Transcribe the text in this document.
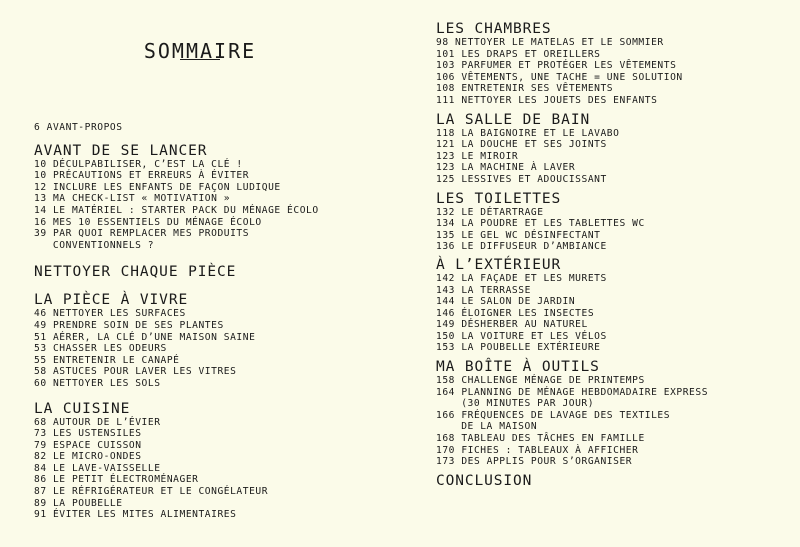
SOMMAIRE
6 AVANT-PROPOS
AVANT DE SE LANCER
10 DÉCULPABILISER, C’EST LA CLÉ !
10 PRÉCAUTIONS ET ERREURS À ÉVITER
12 INCLURE LES ENFANTS DE FAÇON LUDIQUE
13 MA CHECK-LIST « MOTIVATION »
14 LE MATÉRIEL : STARTER PACK DU MÉNAGE ÉCOLO
16 MES 10 ESSENTIELS DU MÉNAGE ÉCOLO
39 PAR QUOI REMPLACER MES PRODUITS
CONVENTIONNELS ?
NETTOYER CHAQUE PIÈCE
LA PIÈCE À VIVRE
46 NETTOYER LES SURFACES
49 PRENDRE SOIN DE SES PLANTES
51 AÉRER, LA CLÉ D’UNE MAISON SAINE
53 CHASSER LES ODEURS
55 ENTRETENIR LE CANAPÉ
58 ASTUCES POUR LAVER LES VITRES
60 NETTOYER LES SOLS
LA CUISINE
68 AUTOUR DE L’ÉVIER
73 LES USTENSILES
79 ESPACE CUISSON
82 LE MICRO-ONDES
84 LE LAVE-VAISSELLE
86 LE PETIT ÉLECTROMÉNAGER
87 LE RÉFRIGÉRATEUR ET LE CONGÉLATEUR
89 LA POUBELLE
91 ÉVITER LES MITES ALIMENTAIRES
LES CHAMBRES
98 NETTOYER LE MATELAS ET LE SOMMIER
101 LES DRAPS ET OREILLERS
103 PARFUMER ET PROTÉGER LES VÊTEMENTS
106 VÊTEMENTS, UNE TACHE = UNE SOLUTION
108 ENTRETENIR SES VÊTEMENTS
111 NETTOYER LES JOUETS DES ENFANTS
LA SALLE DE BAIN
118 LA BAIGNOIRE ET LE LAVABO
121 LA DOUCHE ET SES JOINTS
123 LE MIROIR
123 LA MACHINE À LAVER
125 LESSIVES ET ADOUCISSANT
LES TOILETTES
132 LE DÉTARTRAGE
134 LA POUDRE ET LES TABLETTES WC
135 LE GEL WC DÉSINFECTANT
136 LE DIFFUSEUR D’AMBIANCE
À L’EXTÉRIEUR
142 LA FAÇADE ET LES MURETS
143 LA TERRASSE
144 LE SALON DE JARDIN
146 ÉLOIGNER LES INSECTES
149 DÉSHERBER AU NATUREL
150 LA VOITURE ET LES VÉLOS
153 LA POUBELLE EXTÉRIEURE
MA BOÎTE À OUTILS
158 CHALLENGE MÉNAGE DE PRINTEMPS
164 PLANNING DE MÉNAGE HEBDOMADAIRE EXPRESS
(30 MINUTES PAR JOUR)
166 FRÉQUENCES DE LAVAGE DES TEXTILES
DE LA MAISON
168 TABLEAU DES TÂCHES EN FAMILLE
170 FICHES : TABLEAUX À AFFICHER
173 DES APPLIS POUR S’ORGANISER
CONCLUSION
